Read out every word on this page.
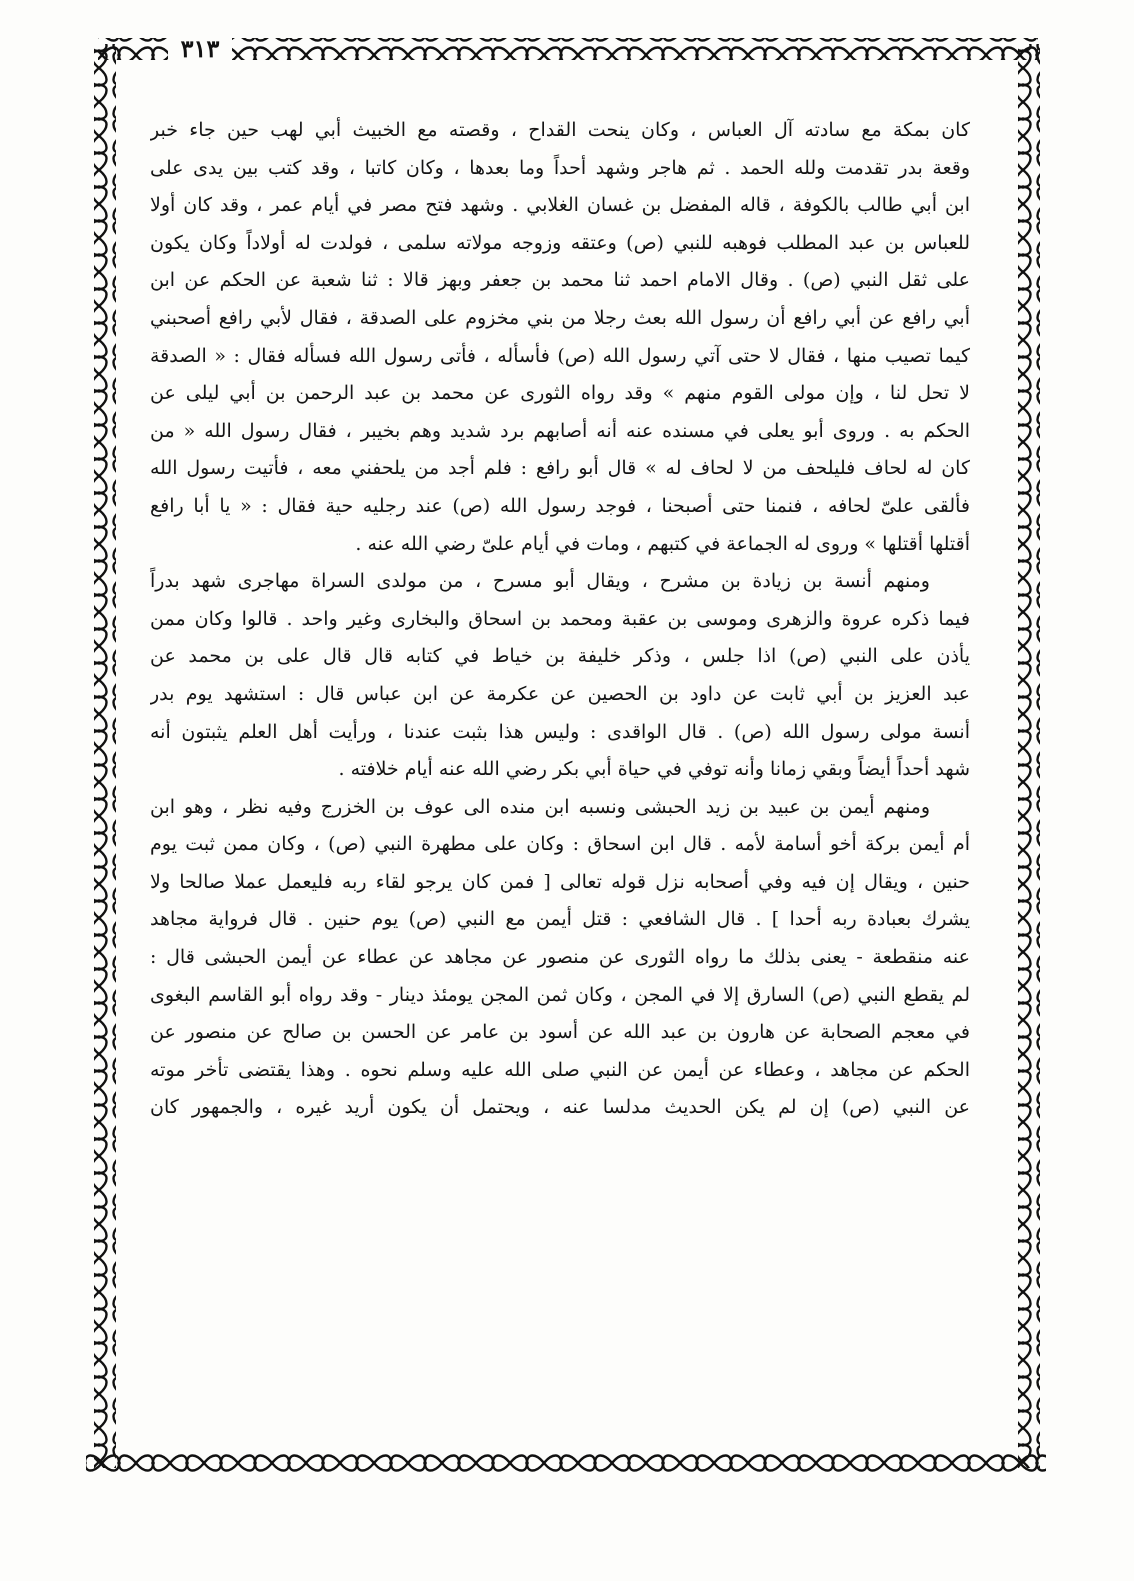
٣١٣
كان بمكة مع سادته آل العباس ، وكان ينحت القداح ، وقصته مع الخبيث أبي لهب حين جاء خبر
وقعة بدر تقدمت ولله الحمد . ثم هاجر وشهد أحداً وما بعدها ، وكان كاتبا ، وقد كتب بين يدى على
ابن أبي طالب بالكوفة ، قاله المفضل بن غسان الغلابي . وشهد فتح مصر في أيام عمر ، وقد كان أولا
للعباس بن عبد المطلب فوهبه للنبي (ص) وعتقه وزوجه مولاته سلمى ، فولدت له أولاداً وكان يكون
على ثقل النبي (ص) . وقال الامام احمد ثنا محمد بن جعفر وبهز قالا : ثنا شعبة عن الحكم عن ابن
أبي رافع عن أبي رافع أن رسول الله بعث رجلا من بني مخزوم على الصدقة ، فقال لأبي رافع أصحبني
كيما تصيب منها ، فقال لا حتى آتي رسول الله (ص) فأسأله ، فأتى رسول الله فسأله فقال : « الصدقة
لا تحل لنا ، وإن مولى القوم منهم » وقد رواه الثورى عن محمد بن عبد الرحمن بن أبي ليلى عن
الحكم به . وروى أبو يعلى في مسنده عنه أنه أصابهم برد شديد وهم بخيبر ، فقال رسول الله « من
كان له لحاف فليلحف من لا لحاف له » قال أبو رافع : فلم أجد من يلحفني معه ، فأتيت رسول الله
فألقى علىّ لحافه ، فنمنا حتى أصبحنا ، فوجد رسول الله (ص) عند رجليه حية فقال : « يا أبا رافع
أقتلها أقتلها » وروى له الجماعة في كتبهم ، ومات في أيام علىّ رضي الله عنه .
ومنهم أنسة بن زيادة بن مشرح ، ويقال أبو مسرح ، من مولدى السراة مهاجرى شهد بدراً
فيما ذكره عروة والزهرى وموسى بن عقبة ومحمد بن اسحاق والبخارى وغير واحد . قالوا وكان ممن
يأذن على النبي (ص) اذا جلس ، وذكر خليفة بن خياط في كتابه قال قال على بن محمد عن
عبد العزيز بن أبي ثابت عن داود بن الحصين عن عكرمة عن ابن عباس قال : استشهد يوم بدر
أنسة مولى رسول الله (ص) . قال الواقدى : وليس هذا بثبت عندنا ، ورأيت أهل العلم يثبتون أنه
شهد أحداً أيضاً وبقي زمانا وأنه توفي في حياة أبي بكر رضي الله عنه أيام خلافته .
ومنهم أيمن بن عبيد بن زيد الحبشى ونسبه ابن منده الى عوف بن الخزرج وفيه نظر ، وهو ابن
أم أيمن بركة أخو أسامة لأمه . قال ابن اسحاق : وكان على مطهرة النبي (ص) ، وكان ممن ثبت يوم
حنين ، ويقال إن فيه وفي أصحابه نزل قوله تعالى [ فمن كان يرجو لقاء ربه فليعمل عملا صالحا ولا
يشرك بعبادة ربه أحدا ] . قال الشافعي : قتل أيمن مع النبي (ص) يوم حنين . قال فرواية مجاهد
عنه منقطعة - يعنى بذلك ما رواه الثورى عن منصور عن مجاهد عن عطاء عن أيمن الحبشى قال :
لم يقطع النبي (ص) السارق إلا في المجن ، وكان ثمن المجن يومئذ دينار - وقد رواه أبو القاسم البغوى
في معجم الصحابة عن هارون بن عبد الله عن أسود بن عامر عن الحسن بن صالح عن منصور عن
الحكم عن مجاهد ، وعطاء عن أيمن عن النبي صلى الله عليه وسلم نحوه . وهذا يقتضى تأخر موته
عن النبي (ص) إن لم يكن الحديث مدلسا عنه ، ويحتمل أن يكون أريد غيره ، والجمهور كان
